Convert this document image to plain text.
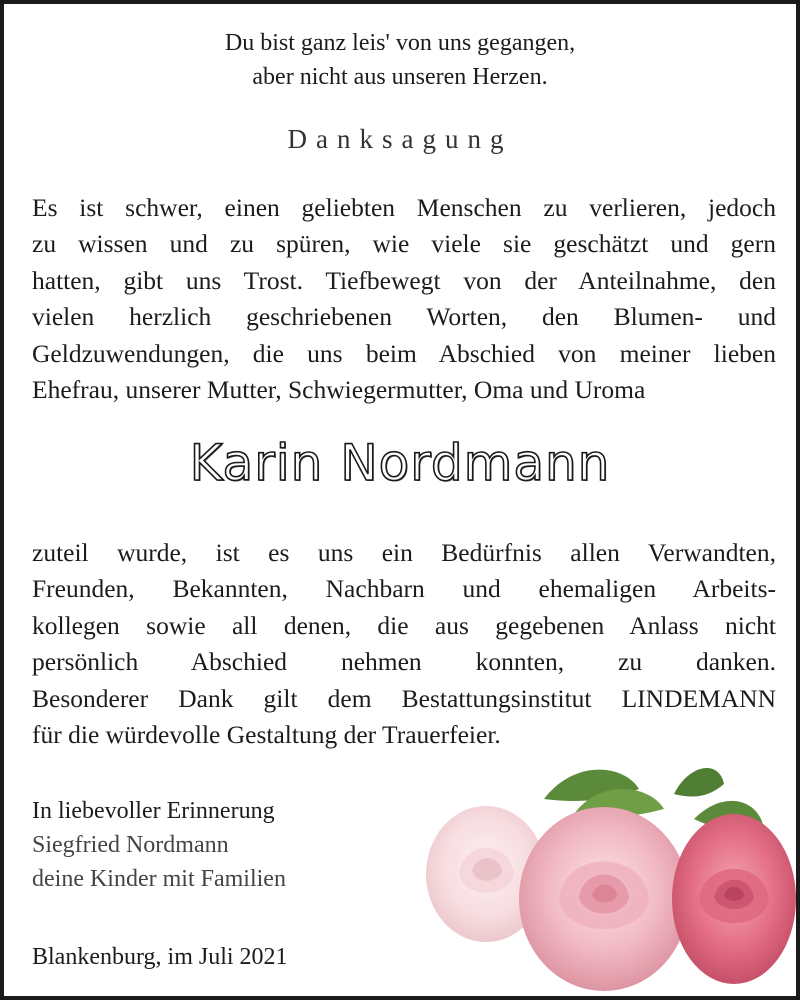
Du bist ganz leis' von uns gegangen,
aber nicht aus unseren Herzen.
Danksagung
Es ist schwer, einen geliebten Menschen zu verlieren, jedoch
zu wissen und zu spüren, wie viele sie geschätzt und gern
hatten, gibt uns Trost. Tiefbewegt von der Anteilnahme, den
vielen herzlich geschriebenen Worten, den Blumen- und
Geldzuwendungen, die uns beim Abschied von meiner lieben
Ehefrau, unserer Mutter, Schwiegermutter, Oma und Uroma
Karin Nordmann
zuteil wurde, ist es uns ein Bedürfnis allen Verwandten,
Freunden, Bekannten, Nachbarn und ehemaligen Arbeits-
kollegen sowie all denen, die aus gegebenen Anlass nicht
persönlich Abschied nehmen konnten, zu danken.
Besonderer Dank gilt dem Bestattungsinstitut LINDEMANN
für die würdevolle Gestaltung der Trauerfeier.
In liebevoller Erinnerung
Siegfried Nordmann
deine Kinder mit Familien
Blankenburg, im Juli 2021
